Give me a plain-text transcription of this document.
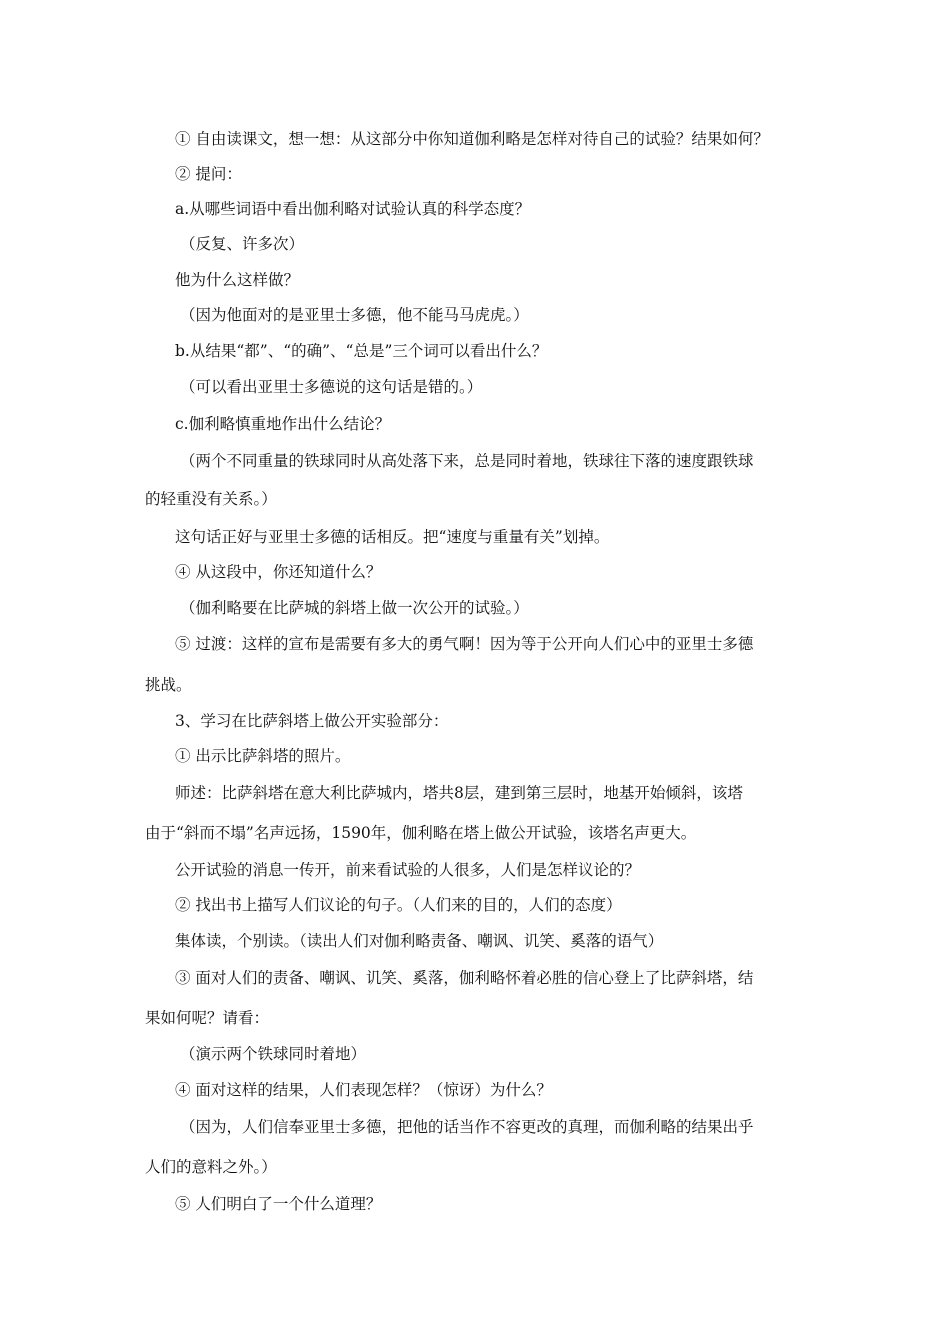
① 自由读课文，想一想：从这部分中你知道伽利略是怎样对待自己的试验？结果如何？
② 提问：
a.从哪些词语中看出伽利略对试验认真的科学态度？
（反复、许多次）
他为什么这样做？
（因为他面对的是亚里士多德，他不能马马虎虎。）
b.从结果“都”、“的确”、“总是”三个词可以看出什么？
（可以看出亚里士多德说的这句话是错的。）
c.伽利略慎重地作出什么结论？
（两个不同重量的铁球同时从高处落下来，总是同时着地，铁球往下落的速度跟铁球
的轻重没有关系。）
这句话正好与亚里士多德的话相反。把“速度与重量有关”划掉。
④ 从这段中，你还知道什么？
（伽利略要在比萨城的斜塔上做一次公开的试验。）
⑤ 过渡：这样的宣布是需要有多大的勇气啊！因为等于公开向人们心中的亚里士多德
挑战。
3、学习在比萨斜塔上做公开实验部分：
① 出示比萨斜塔的照片。
师述：比萨斜塔在意大利比萨城内，塔共8层，建到第三层时，地基开始倾斜，该塔
由于“斜而不塌”名声远扬，1590年，伽利略在塔上做公开试验，该塔名声更大。
公开试验的消息一传开，前来看试验的人很多，人们是怎样议论的？
② 找出书上描写人们议论的句子。（人们来的目的，人们的态度）
集体读，个别读。（读出人们对伽利略责备、嘲讽、讥笑、奚落的语气）
③ 面对人们的责备、嘲讽、讥笑、奚落，伽利略怀着必胜的信心登上了比萨斜塔，结
果如何呢？请看：
（演示两个铁球同时着地）
④ 面对这样的结果，人们表现怎样？（惊讶）为什么？
（因为，人们信奉亚里士多德，把他的话当作不容更改的真理，而伽利略的结果出乎
人们的意料之外。）
⑤ 人们明白了一个什么道理？
